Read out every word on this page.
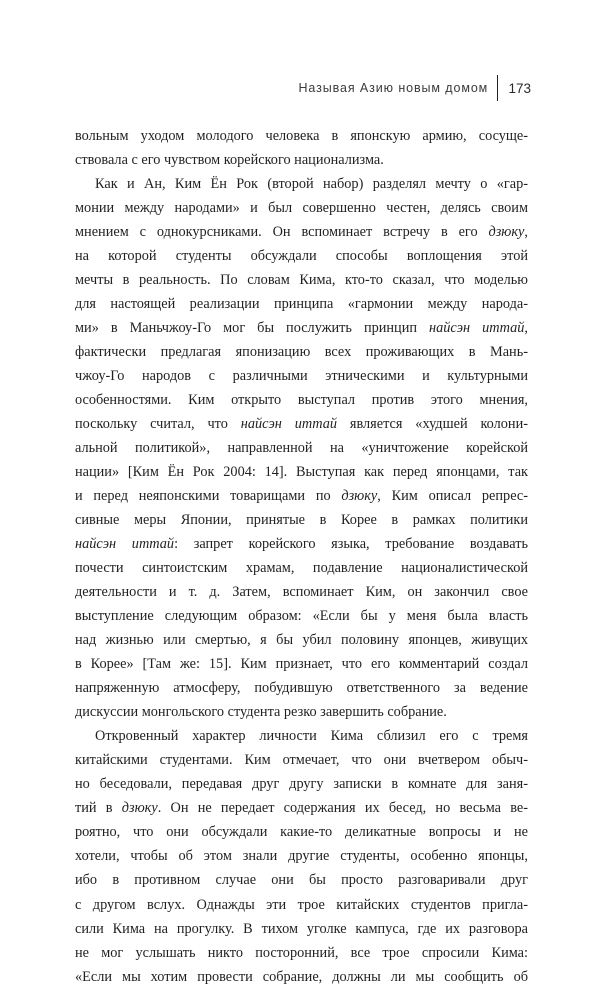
Называя Азию новым домом 173
вольным уходом молодого человека в японскую армию, сосуще-
ствовала с его чувством корейского национализма.
Как и Ан, Ким Ён Рок (второй набор) разделял мечту о «гар-
монии между народами» и был совершенно честен, делясь своим
мнением с однокурсниками. Он вспоминает встречу в его дзюку,
на которой студенты обсуждали способы воплощения этой
мечты в реальность. По словам Кима, кто-то сказал, что моделью
для настоящей реализации принципа «гармонии между народа-
ми» в Маньчжоу-Го мог бы послужить принцип найсэн иттай,
фактически предлагая японизацию всех проживающих в Мань-
чжоу-Го народов с различными этническими и культурными
особенностями. Ким открыто выступал против этого мнения,
поскольку считал, что найсэн иттай является «худшей колони-
альной политикой», направленной на «уничтожение корейской
нации» [Ким Ён Рок 2004: 14]. Выступая как перед японцами, так
и перед неяпонскими товарищами по дзюку, Ким описал репрес-
сивные меры Японии, принятые в Корее в рамках политики
найсэн иттай: запрет корейского языка, требование воздавать
почести синтоистским храмам, подавление националистической
деятельности и т. д. Затем, вспоминает Ким, он закончил свое
выступление следующим образом: «Если бы у меня была власть
над жизнью или смертью, я бы убил половину японцев, живущих
в Корее» [Там же: 15]. Ким признает, что его комментарий создал
напряженную атмосферу, побудившую ответственного за ведение
дискуссии монгольского студента резко завершить собрание.
Откровенный характер личности Кима сблизил его с тремя
китайскими студентами. Ким отмечает, что они вчетвером обыч-
но беседовали, передавая друг другу записки в комнате для заня-
тий в дзюку. Он не передает содержания их бесед, но весьма ве-
роятно, что они обсуждали какие-то деликатные вопросы и не
хотели, чтобы об этом знали другие студенты, особенно японцы,
ибо в противном случае они бы просто разговаривали друг
с другом вслух. Однажды эти трое китайских студентов пригла-
сили Кима на прогулку. В тихом уголке кампуса, где их разговора
не мог услышать никто посторонний, все трое спросили Кима:
«Если мы хотим провести собрание, должны ли мы сообщить об
